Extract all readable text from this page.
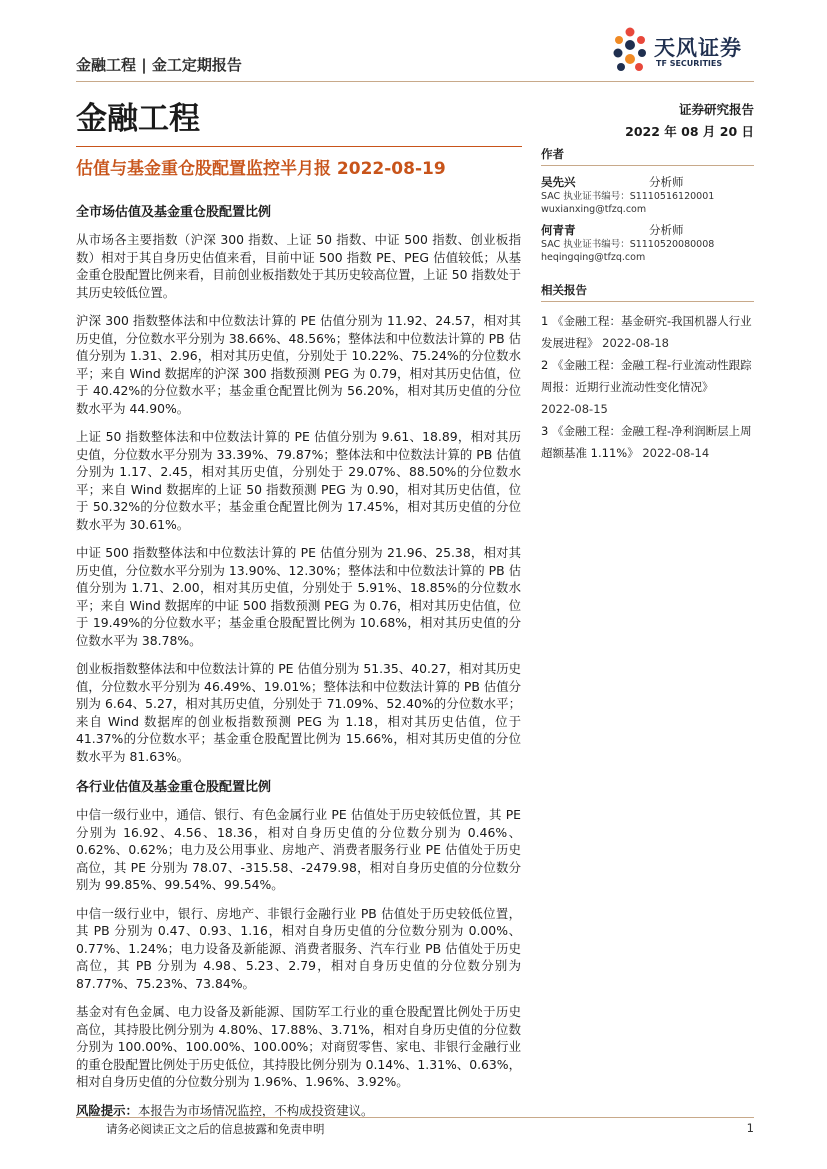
金融工程 | 金工定期报告
天风证券
TF SECURITIES
金融工程	证券研究报告
2022 年 08 月 20 日
估值与基金重仓股配置监控半月报 2022-08-19
全市场估值及基金重仓股配置比例

从市场各主要指数（沪深 300 指数、上证 50 指数、中证 500 指数、创业板指数）相对于其自身历史估值来看，目前中证 500 指数 PE、PEG 估值较低；从基金重仓股配置比例来看，目前创业板指数处于其历史较高位置，上证 50 指数处于其历史较低位置。

沪深 300 指数整体法和中位数法计算的 PE 估值分别为 11.92、24.57，相对其历史值，分位数水平分别为 38.66%、48.56%；整体法和中位数法计算的 PB 估值分别为 1.31、2.96，相对其历史值，分别处于 10.22%、75.24%的分位数水平；来自 Wind 数据库的沪深 300 指数预测 PEG 为 0.79，相对其历史估值，位于 40.42%的分位数水平；基金重仓配置比例为 56.20%，相对其历史值的分位数水平为 44.90%。

上证 50 指数整体法和中位数法计算的 PE 估值分别为 9.61、18.89，相对其历史值，分位数水平分别为 33.39%、79.87%；整体法和中位数法计算的 PB 估值分别为 1.17、2.45，相对其历史值，分别处于 29.07%、88.50%的分位数水平；来自 Wind 数据库的上证 50 指数预测 PEG 为 0.90，相对其历史估值，位于 50.32%的分位数水平；基金重仓配置比例为 17.45%，相对其历史值的分位数水平为 30.61%。

中证 500 指数整体法和中位数法计算的 PE 估值分别为 21.96、25.38，相对其历史值，分位数水平分别为 13.90%、12.30%；整体法和中位数法计算的 PB 估值分别为 1.71、2.00，相对其历史值，分别处于 5.91%、18.85%的分位数水平；来自 Wind 数据库的中证 500 指数预测 PEG 为 0.76，相对其历史估值，位于 19.49%的分位数水平；基金重仓股配置比例为 10.68%，相对其历史值的分位数水平为 38.78%。

创业板指数整体法和中位数法计算的 PE 估值分别为 51.35、40.27，相对其历史值，分位数水平分别为 46.49%、19.01%；整体法和中位数法计算的 PB 估值分别为 6.64、5.27，相对其历史值，分别处于 71.09%、52.40%的分位数水平；来自 Wind 数据库的创业板指数预测 PEG 为 1.18，相对其历史估值，位于 41.37%的分位数水平；基金重仓股配置比例为 15.66%，相对其历史值的分位数水平为 81.63%。

各行业估值及基金重仓股配置比例

中信一级行业中，通信、银行、有色金属行业 PE 估值处于历史较低位置，其 PE 分别为 16.92、4.56、18.36，相对自身历史值的分位数分别为 0.46%、0.62%、0.62%；电力及公用事业、房地产、消费者服务行业 PE 估值处于历史高位，其 PE 分别为 78.07、-315.58、-2479.98，相对自身历史值的分位数分别为 99.85%、99.54%、99.54%。

中信一级行业中，银行、房地产、非银行金融行业 PB 估值处于历史较低位置，其 PB 分别为 0.47、0.93、1.16，相对自身历史值的分位数分别为 0.00%、0.77%、1.24%；电力设备及新能源、消费者服务、汽车行业 PB 估值处于历史高位，其 PB 分别为 4.98、5.23、2.79，相对自身历史值的分位数分别为 87.77%、75.23%、73.84%。

基金对有色金属、电力设备及新能源、国防军工行业的重仓股配置比例处于历史高位，其持股比例分别为 4.80%、17.88%、3.71%，相对自身历史值的分位数分别为 100.00%、100.00%、100.00%；对商贸零售、家电、非银行金融行业的重仓股配置比例处于历史低位，其持股比例分别为 0.14%、1.31%、0.63%，相对自身历史值的分位数分别为 1.96%、1.96%、3.92%。

风险提示：本报告为市场情况监控，不构成投资建议。

作者
吴先兴	分析师
SAC 执业证书编号：S1110516120001
wuxianxing@tfzq.com
何青青	分析师
SAC 执业证书编号：S1110520080008
heqingqing@tfzq.com
相关报告
1 《金融工程：基金研究-我国机器人行业发展进程》 2022-08-18
2 《金融工程：金融工程-行业流动性跟踪周报：近期行业流动性变化情况》
2022-08-15
3 《金融工程：金融工程-净利润断层上周超额基准 1.11%》 2022-08-14
请务必阅读正文之后的信息披露和免责申明	1
